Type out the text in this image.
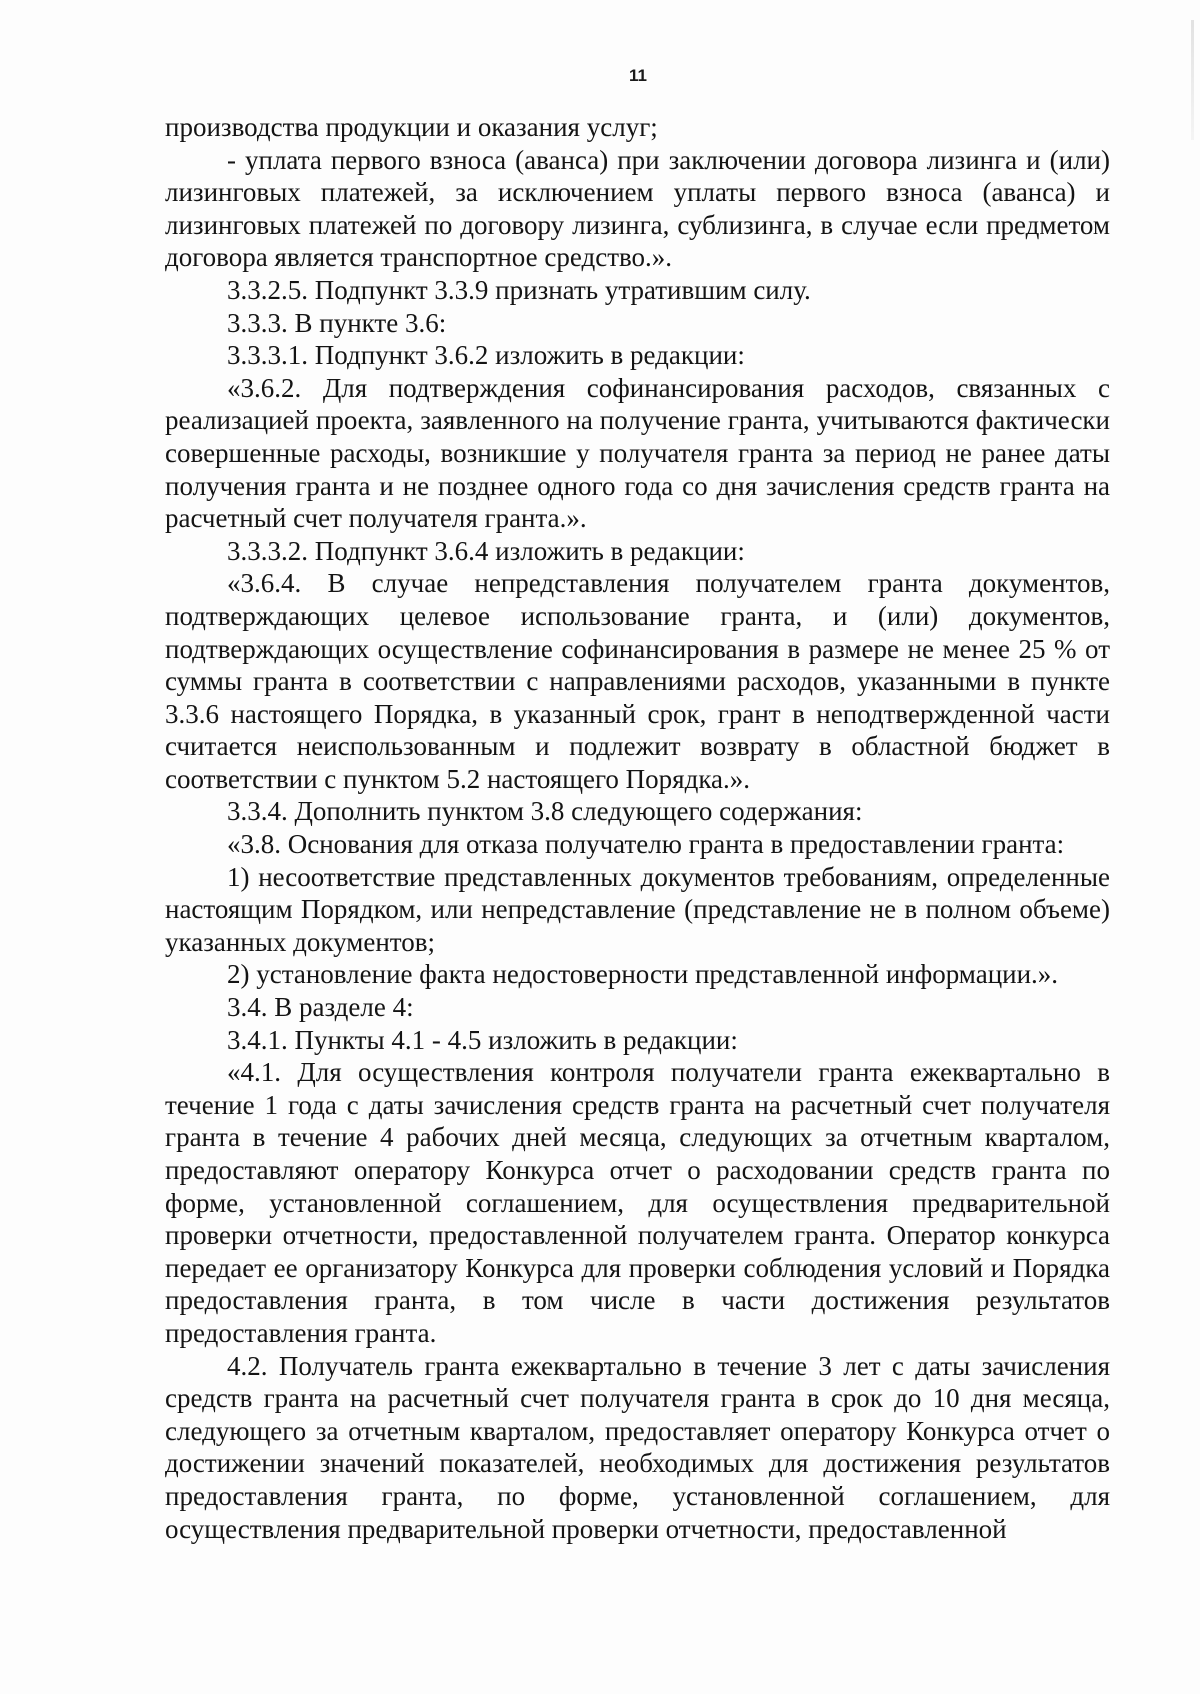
11

производства продукции и оказания услуг;

- уплата первого взноса (аванса) при заключении договора лизинга и (или) лизинговых платежей, за исключением уплаты первого взноса (аванса) и лизинговых платежей по договору лизинга, сублизинга, в случае если предметом договора является транспортное средство.».

3.3.2.5. Подпункт 3.3.9 признать утратившим силу.

3.3.3. В пункте 3.6:

3.3.3.1. Подпункт 3.6.2 изложить в редакции:

«3.6.2. Для подтверждения софинансирования расходов, связанных с реализацией проекта, заявленного на получение гранта, учитываются фактически совершенные расходы, возникшие у получателя гранта за период не ранее даты получения гранта и не позднее одного года со дня зачисления средств гранта на расчетный счет получателя гранта.».

3.3.3.2. Подпункт 3.6.4 изложить в редакции:

«3.6.4. В случае непредставления получателем гранта документов, подтверждающих целевое использование гранта, и (или) документов, подтверждающих осуществление софинансирования в размере не менее 25 % от суммы гранта в соответствии с направлениями расходов, указанными в пункте 3.3.6 настоящего Порядка, в указанный срок, грант в неподтвержденной части считается неиспользованным и подлежит возврату в областной бюджет в соответствии с пунктом 5.2 настоящего Порядка.».

3.3.4. Дополнить пунктом 3.8 следующего содержания:

«3.8. Основания для отказа получателю гранта в предоставлении гранта:

1) несоответствие представленных документов требованиям, определенные настоящим Порядком, или непредставление (представление не в полном объеме) указанных документов;

2) установление факта недостоверности представленной информации.».

3.4. В разделе 4:

3.4.1. Пункты 4.1 - 4.5 изложить в редакции:

«4.1. Для осуществления контроля получатели гранта ежеквартально в течение 1 года с даты зачисления средств гранта на расчетный счет получателя гранта в течение 4 рабочих дней месяца, следующих за отчетным кварталом, предоставляют оператору Конкурса отчет о расходовании средств гранта по форме, установленной соглашением, для осуществления предварительной проверки отчетности, предоставленной получателем гранта. Оператор конкурса передает ее организатору Конкурса для проверки соблюдения условий и Порядка предоставления гранта, в том числе в части достижения результатов предоставления гранта.

4.2. Получатель гранта ежеквартально в течение 3 лет с даты зачисления средств гранта на расчетный счет получателя гранта в срок до 10 дня месяца, следующего за отчетным кварталом, предоставляет оператору Конкурса отчет о достижении значений показателей, необходимых для достижения результатов предоставления гранта, по форме, установленной соглашением, для осуществления предварительной проверки отчетности, предоставленной
